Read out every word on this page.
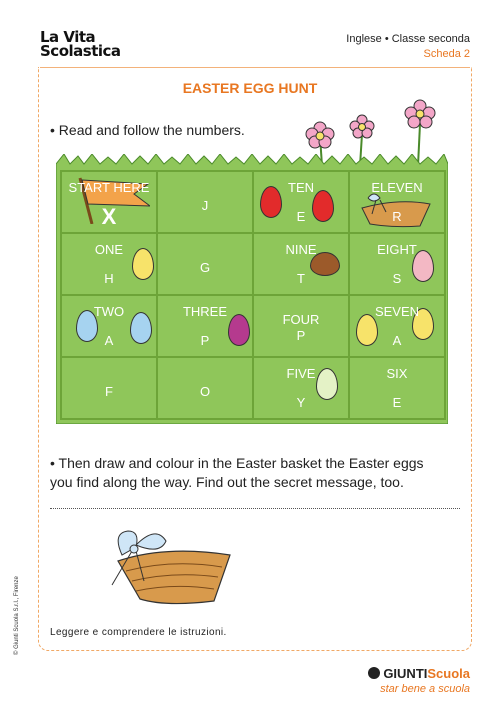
La Vita
Scolastica
Inglese • Classe seconda
Scheda 2
EASTER EGG HUNT
• Read and follow the numbers.
START HERE
X	J
TEN
E
ELEVEN
R
ONE
H
G
NINE
T
EIGHT
S
TWO
A
THREE
P
FOUR
P
SEVEN
A
F	O
FIVE
Y
SIX
E
• Then draw and colour in the Easter basket the Easter eggs
you find along the way. Find out the secret message, too.
Leggere e comprendere le istruzioni.
© Giunti Scuola S.r.l., Firenze
GIUNTIScuola
star bene a scuola
